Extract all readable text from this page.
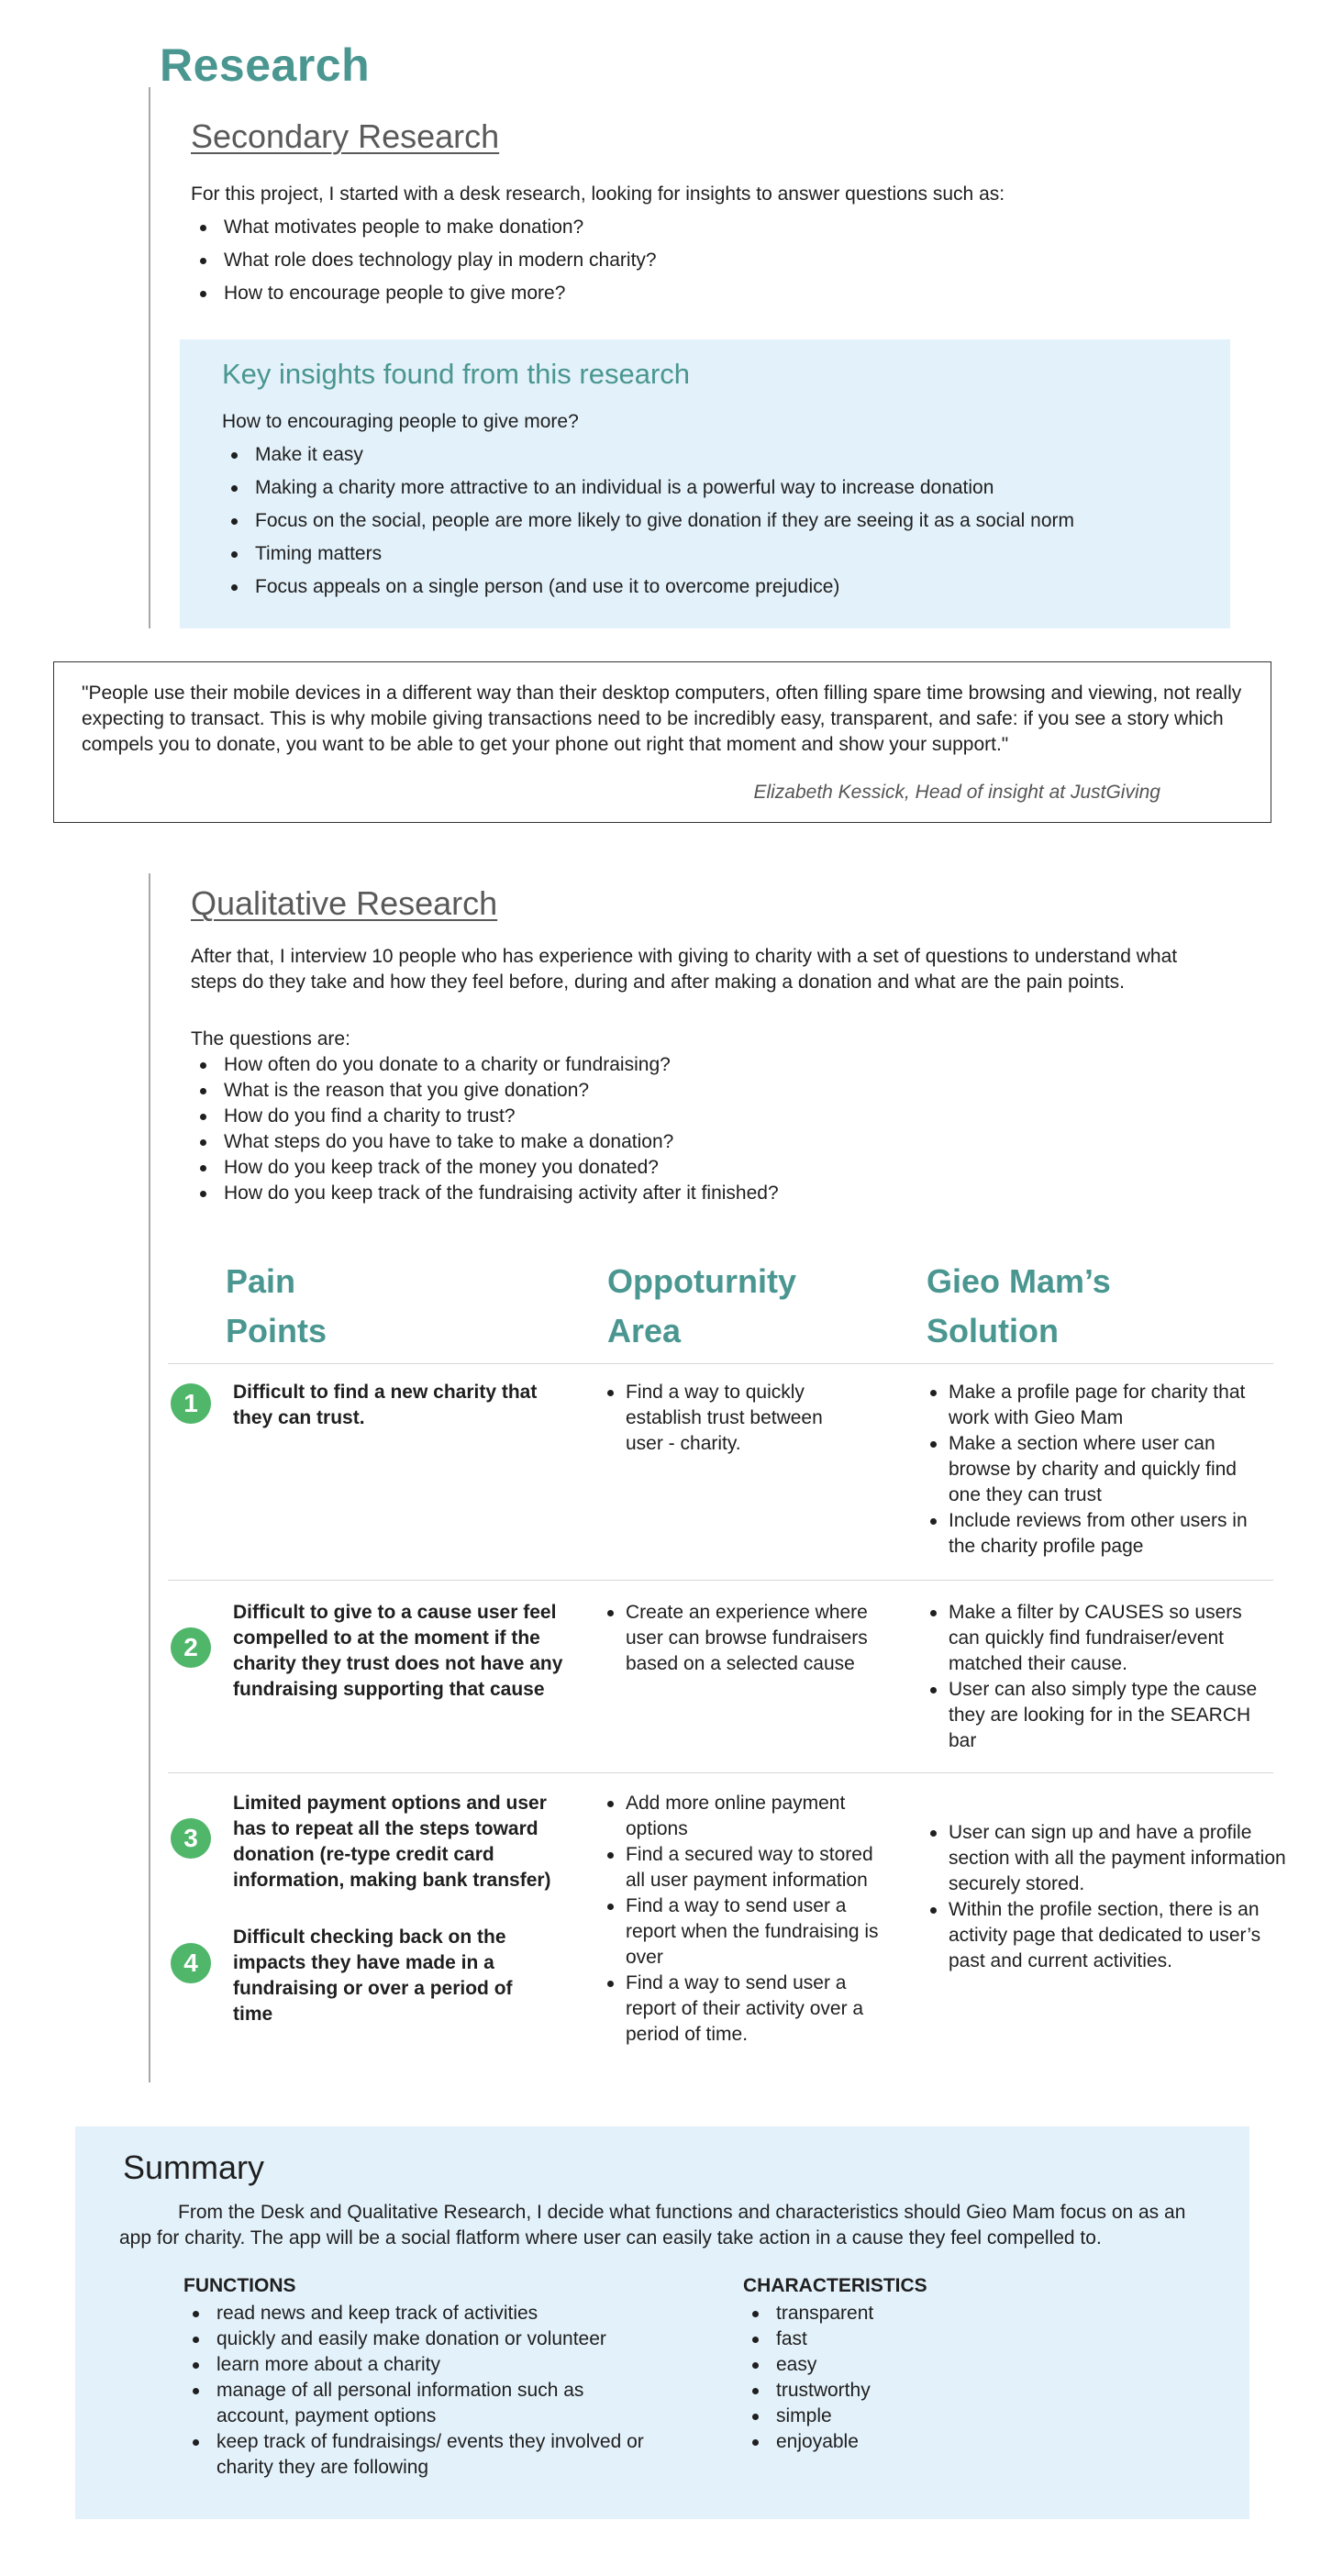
Research
Secondary Research
For this project, I started with a desk research, looking for insights to answer questions such as:
What motivates people to make donation?
What role does technology play in modern charity?
How to encourage people to give more?
Key insights found from this research
How to encouraging people to give more?
Make it easy
Making a charity more attractive to an individual is a powerful way to increase donation
Focus on the social, people are more likely to give donation if they are seeing it as a social norm
Timing matters
Focus appeals on a single person (and use it to overcome prejudice)
"People use their mobile devices in a different way than their desktop computers, often filling spare time browsing and viewing, not really expecting to transact. This is why mobile giving transactions need to be incredibly easy, transparent, and safe: if you see a story which compels you to donate, you want to be able to get your phone out right that moment and show your support."
Elizabeth Kessick, Head of insight at JustGiving
Qualitative Research
After that, I interview 10 people who has experience with giving to charity with a set of questions to understand what steps do they take and how they feel before, during and after making a donation and what are the pain points.
The questions are:
How often do you donate to a charity or fundraising?
What is the reason that you give donation?
How do you find a charity to trust?
What steps do you have to take to make a donation?
How do you keep track of the money you donated?
How do you keep track of the fundraising activity after it finished?
Pain
Points
Oppoturnity
Area
Gieo Mam’s
Solution
1	Difficult to find a new charity that they can trust.
Find a way to quickly establish trust between user - charity.
Make a profile page for charity that work with Gieo Mam
Make a section where user can browse by charity and quickly find one they can trust
Include reviews from other users in the charity profile page
2
Difficult to give to a cause user feel compelled to at the moment if the charity they trust does not have any fundraising supporting that cause
Create an experience where user can browse fundraisers based on a selected cause
Make a filter by CAUSES so users can quickly find fundraiser/event matched their cause.
User can also simply type the cause they are looking for in the SEARCH bar
3
Limited payment options and user has to repeat all the steps toward donation (re-type credit card information, making bank transfer)
4
Difficult checking back on the impacts they have made in a fundraising or over a period of time
Add more online payment options
Find a secured way to stored all user payment information
Find a way to send user a report when the fundraising is over
Find a way to send user a report of their activity over a period of time.
User can sign up and have a profile section with all the payment information securely stored.
Within the profile section, there is an activity page that dedicated to user’s past and current activities.
Summary
From the Desk and Qualitative Research, I decide what functions and characteristics should Gieo Mam focus on as an app for charity. The app will be a social flatform where user can easily take action in a cause they feel compelled to.
FUNCTIONS
read news and keep track of activities
quickly and easily make donation or volunteer
learn more about a charity
manage of all personal information such as account, payment options
keep track of fundraisings/ events they involved or charity they are following
CHARACTERISTICS
transparent
fast
easy
trustworthy
simple
enjoyable
